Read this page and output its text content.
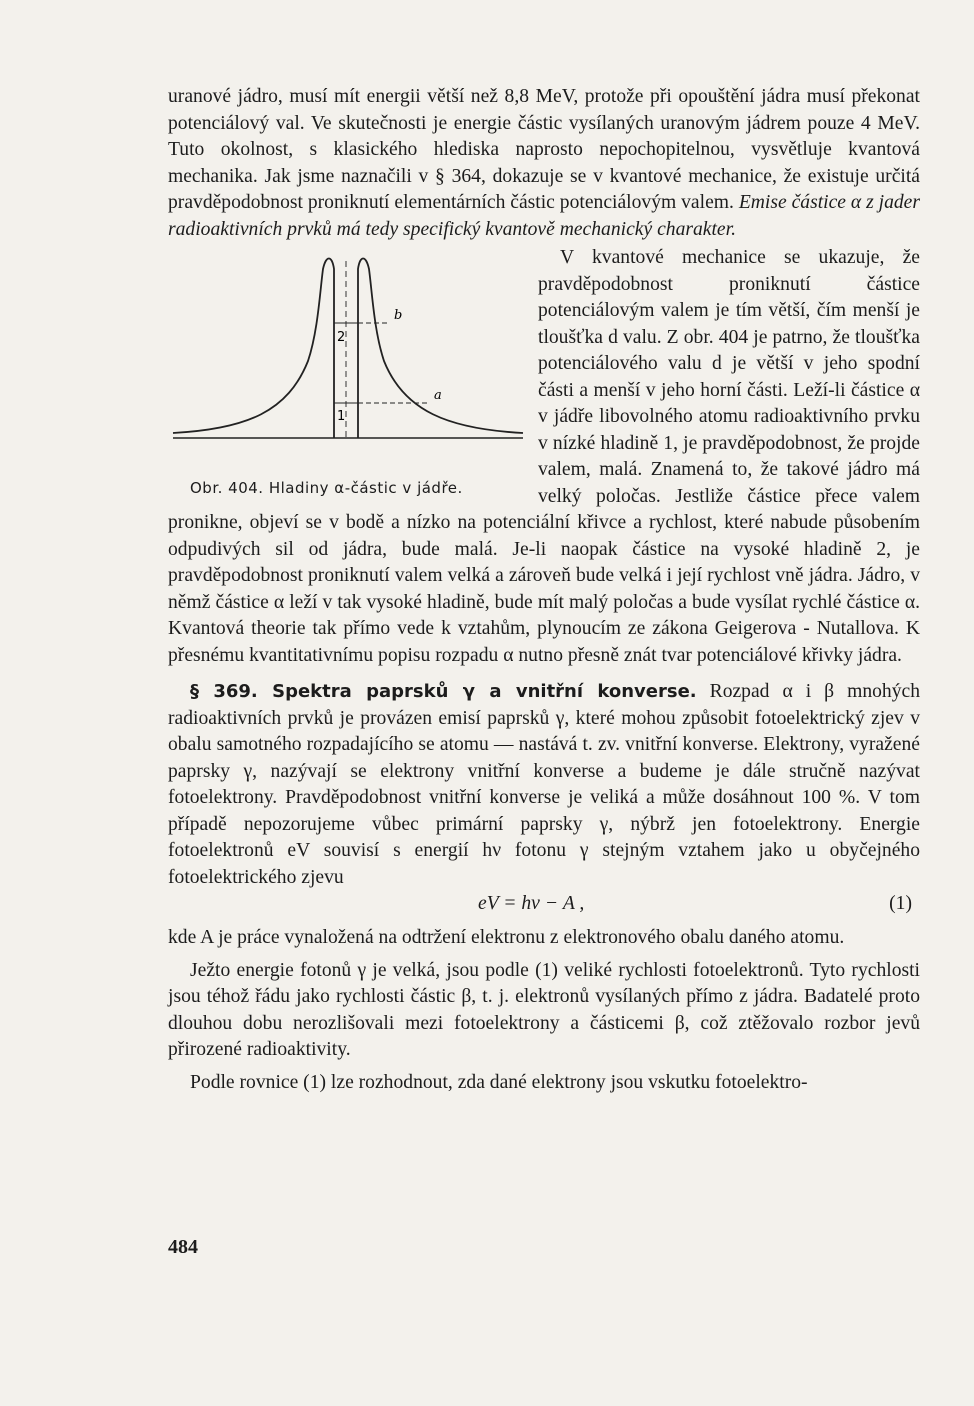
uranové jádro, musí mít energii větší než 8,8 MeV, protože při opouštění jádra musí překonat potenciálový val. Ve skutečnosti je energie částic vysílaných uranovým jádrem pouze 4 MeV. Tuto okolnost, s klasického hlediska naprosto nepochopitelnou, vysvětluje kvantová mechanika. Jak jsme naznačili v § 364, dokazuje se v kvantové mechanice, že existuje určitá pravděpodobnost proniknutí elementárních částic potenciálovým valem. Emise částice α z jader radioaktivních prvků má tedy specifický kvantově mechanický charakter.

2
1
b
a
Obr. 404. Hladiny α-částic v jádře.
V kvantové mechanice se ukazuje, že pravděpodobnost proniknutí částice potenciálovým valem je tím větší, čím menší je tloušťka d valu. Z obr. 404 je patrno, že tloušťka potenciálového valu d je větší v jeho spodní části a menší v jeho horní části. Leží-li částice α v jádře libovolného atomu radioaktivního prvku v nízké hladině 1, je pravděpodobnost, že projde valem, malá. Znamená to, že takové jádro má velký poločas. Jestliže částice přece valem pronikne, objeví se v bodě a nízko na potenciální křivce a rychlost, které nabude působením odpudivých sil od jádra, bude malá. Je-li naopak částice na vysoké hladině 2, je pravděpodobnost proniknutí valem velká a zároveň bude velká i její rychlost vně jádra. Jádro, v němž částice α leží v tak vysoké hladině, bude mít malý poločas a bude vysílat rychlé částice α. Kvantová theorie tak přímo vede k vztahům, plynoucím ze zákona Geigerova - Nutallova. K přesnému kvantitativnímu popisu rozpadu α nutno přesně znát tvar potenciálové křivky jádra.

§ 369. Spektra paprsků γ a vnitřní konverse. Rozpad α i β mnohých radioaktivních prvků je provázen emisí paprsků γ, které mohou způsobit fotoelektrický zjev v obalu samotného rozpadajícího se atomu — nastává t. zv. vnitřní konverse. Elektrony, vyražené paprsky γ, nazývají se elektrony vnitřní konverse a budeme je dále stručně nazývat fotoelektrony. Pravděpodobnost vnitřní konverse je veliká a může dosáhnout 100 %. V tom případě nepozorujeme vůbec primární paprsky γ, nýbrž jen fotoelektrony. Energie fotoelektronů eV souvisí s energií hν fotonu γ stejným vztahem jako u obyčejného fotoelektrického zjevu

eV = hν − A ,	(1)

kde A je práce vynaložená na odtržení elektronu z elektronového obalu daného atomu.

Ježto energie fotonů γ je velká, jsou podle (1) veliké rychlosti fotoelektronů. Tyto rychlosti jsou téhož řádu jako rychlosti částic β, t. j. elektronů vysílaných přímo z jádra. Badatelé proto dlouhou dobu nerozlišovali mezi fotoelektrony a částicemi β, což ztěžovalo rozbor jevů přirozené radioaktivity.

Podle rovnice (1) lze rozhodnout, zda dané elektrony jsou vskutku fotoelektro-

484
